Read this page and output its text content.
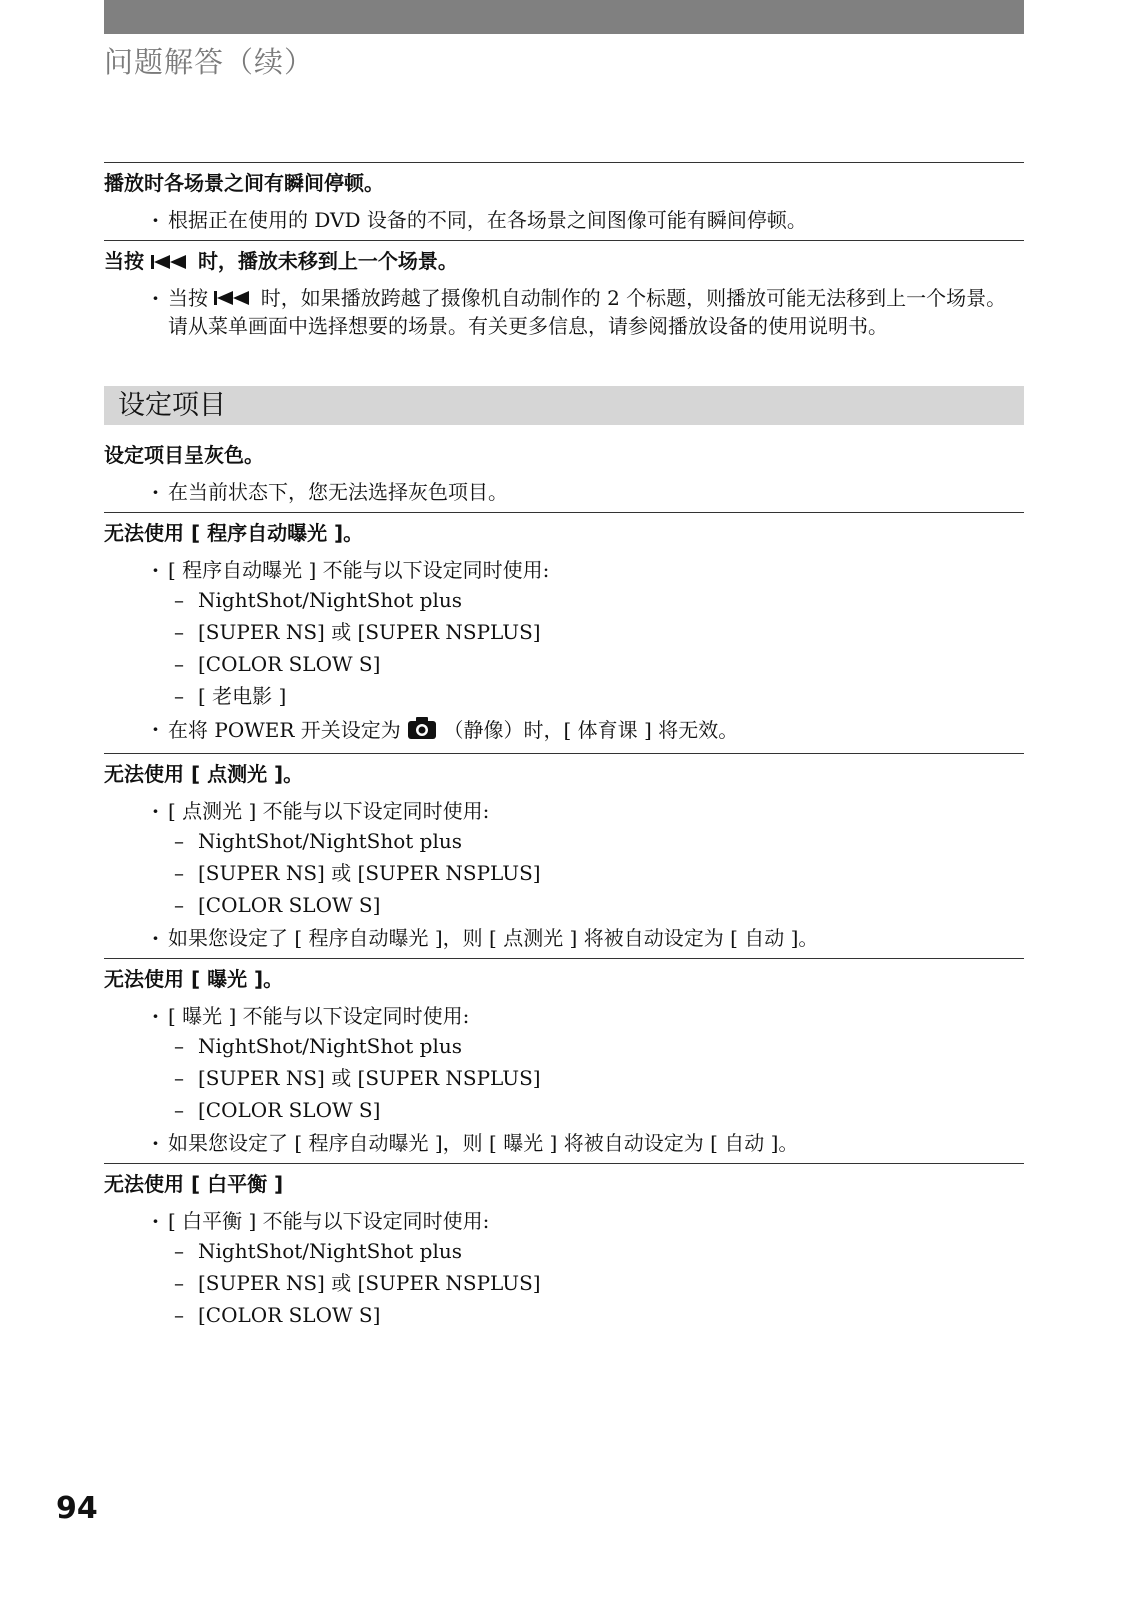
问题解答（续）
播放时各场景之间有瞬间停顿。
· 根据正在使用的 DVD 设备的不同，在各场景之间图像可能有瞬间停顿。
当按	时，播放未移到上一个场景。
· 当按	时，如果播放跨越了摄像机自动制作的 2 个标题，则播放可能无法移到上一个场景。请从菜单画面中选择想要的场景。有关更多信息，请参阅播放设备的使用说明书。
设定项目
设定项目呈灰色。
· 在当前状态下，您无法选择灰色项目。
无法使用 [ 程序自动曝光 ]。
· [ 程序自动曝光 ] 不能与以下设定同时使用:
– NightShot/NightShot plus
– [SUPER NS] 或 [SUPER NSPLUS]
– [COLOR SLOW S]
– [ 老电影 ]
· 在将 POWER 开关设定为 （静像）时，[ 体育课 ] 将无效。
无法使用 [ 点测光 ]。
· [ 点测光 ] 不能与以下设定同时使用:
– NightShot/NightShot plus
– [SUPER NS] 或 [SUPER NSPLUS]
– [COLOR SLOW S]
· 如果您设定了 [ 程序自动曝光 ]，则 [ 点测光 ] 将被自动设定为 [ 自动 ]。
无法使用 [ 曝光 ]。
· [ 曝光 ] 不能与以下设定同时使用:
– NightShot/NightShot plus
– [SUPER NS] 或 [SUPER NSPLUS]
– [COLOR SLOW S]
· 如果您设定了 [ 程序自动曝光 ]，则 [ 曝光 ] 将被自动设定为 [ 自动 ]。
无法使用 [ 白平衡 ]
· [ 白平衡 ] 不能与以下设定同时使用:
– NightShot/NightShot plus
– [SUPER NS] 或 [SUPER NSPLUS]
– [COLOR SLOW S]
94
